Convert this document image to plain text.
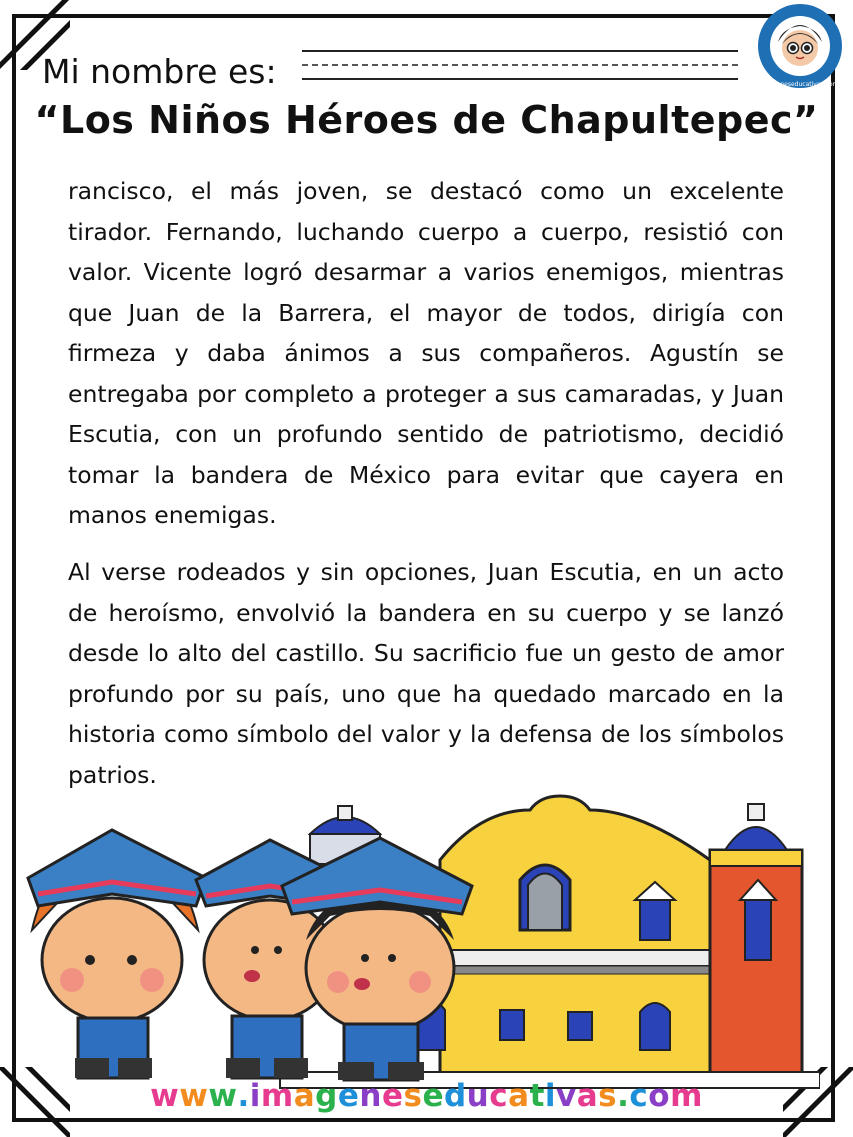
Mi nombre es:	imageneseducativas.com
“Los Niños Héroes de Chapultepec”
rancisco, el más joven, se destacó como un excelente tirador. Fernando, luchando cuerpo a cuerpo, resistió con valor. Vicente logró desarmar a varios enemigos, mientras que Juan de la Barrera, el mayor de todos, dirigía con firmeza y daba ánimos a sus compañeros. Agustín se entregaba por completo a proteger a sus camaradas, y Juan Escutia, con un profundo sentido de patriotismo, decidió tomar la bandera de México para evitar que cayera en manos enemigas.
Al verse rodeados y sin opciones, Juan Escutia, en un acto de heroísmo, envolvió la bandera en su cuerpo y se lanzó desde lo alto del castillo. Su sacrificio fue un gesto de amor profundo por su país, uno que ha quedado marcado en la historia como símbolo del valor y la defensa de los símbolos patrios.
www.imageneseducativas.com
